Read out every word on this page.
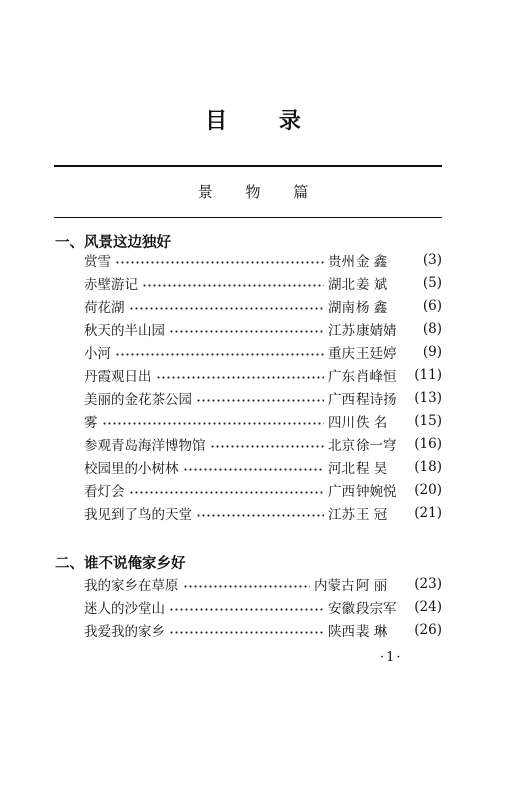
目 录
景 物 篇
一、风景这边独好
赏雪	贵州 金 鑫	(3)
赤壁游记	湖北 姜 斌	(5)
荷花湖	湖南 杨 鑫	(6)
秋天的半山园	江苏 康婧婧	(8)
小河	重庆 王廷婷	(9)
丹霞观日出	广东 肖峰恒	(11)
美丽的金花茶公园	广西 程诗扬	(13)
雾	四川 佚 名	(15)
参观青岛海洋博物馆	北京 徐一穹	(16)
校园里的小树林	河北 程 昊	(18)
看灯会	广西 钟婉悦	(20)
我见到了鸟的天堂	江苏 王 冠	(21)
二、谁不说俺家乡好
我的家乡在草原	内蒙古 阿 丽	(23)
迷人的沙堂山	安徽 段宗军	(24)
我爱我的家乡	陕西 裴 琳	(26)
·1·
